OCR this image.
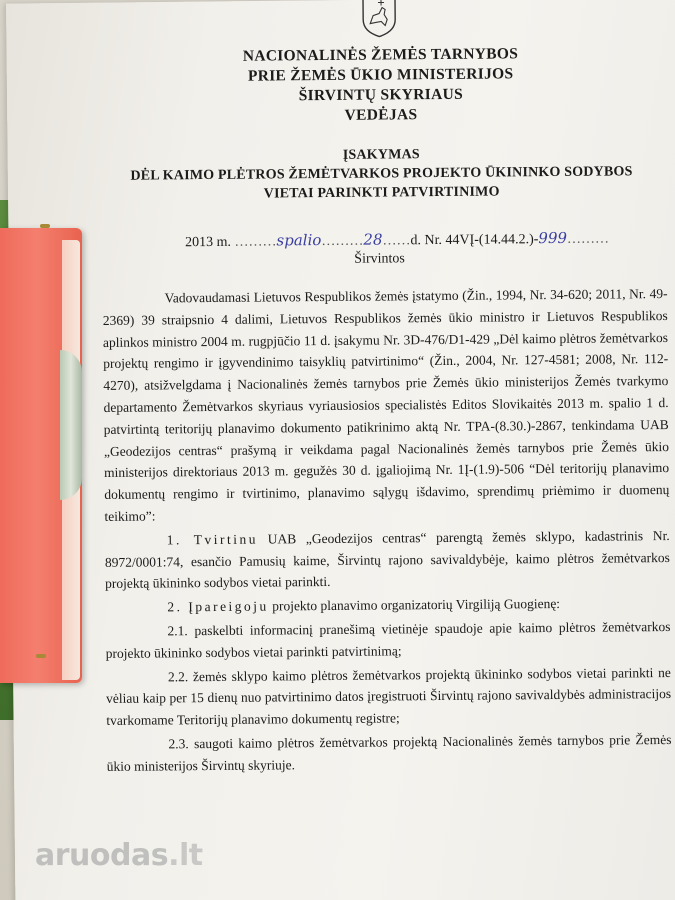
NACIONALINĖS ŽEMĖS TARNYBOS
PRIE ŽEMĖS ŪKIO MINISTERIJOS
ŠIRVINTŲ SKYRIAUS
VEDĖJAS
ĮSAKYMAS
DĖL KAIMO PLĖTROS ŽEMĖTVARKOS PROJEKTO ŪKININKO SODYBOS
VIETAI PARINKTI PATVIRTINIMO
2013 m. ………spalio………28……d. Nr. 44VĮ-(14.44.2.)-999………
Širvintos

Vadovaudamasi Lietuvos Respublikos žemės įstatymo (Žin., 1994, Nr. 34-620; 2011, Nr. 49-2369) 39 straipsnio 4 dalimi, Lietuvos Respublikos žemės ūkio ministro ir Lietuvos Respublikos aplinkos ministro 2004 m. rugpjūčio 11 d. įsakymu Nr. 3D-476/D1-429 „Dėl kaimo plėtros žemėtvarkos projektų rengimo ir įgyvendinimo taisyklių patvirtinimo“ (Žin., 2004, Nr. 127-4581; 2008, Nr. 112-4270), atsižvelgdama į Nacionalinės žemės tarnybos prie Žemės ūkio ministerijos Žemės tvarkymo departamento Žemėtvarkos skyriaus vyriausiosios specialistės Editos Slovikaitės 2013 m. spalio 1 d. patvirtintą teritorijų planavimo dokumento patikrinimo aktą Nr. TPA-(8.30.)-2867, tenkindama UAB „Geodezijos centras“ prašymą ir veikdama pagal Nacionalinės žemės tarnybos prie Žemės ūkio ministerijos direktoriaus 2013 m. gegužės 30 d. įgaliojimą Nr. 1Į-(1.9)-506 “Dėl teritorijų planavimo dokumentų rengimo ir tvirtinimo, planavimo sąlygų išdavimo, sprendimų priėmimo ir duomenų teikimo”:

1. Tvirtinu UAB „Geodezijos centras“ parengtą žemės sklypo, kadastrinis Nr. 8972/0001:74, esančio Pamusių kaime, Širvintų rajono savivaldybėje, kaimo plėtros žemėtvarkos projektą ūkininko sodybos vietai parinkti.

2. Įpareigoju projekto planavimo organizatorių Virgiliją Guogienę:

2.1. paskelbti informacinį pranešimą vietinėje spaudoje apie kaimo plėtros žemėtvarkos projekto ūkininko sodybos vietai parinkti patvirtinimą;

2.2. žemės sklypo kaimo plėtros žemėtvarkos projektą ūkininko sodybos vietai parinkti ne vėliau kaip per 15 dienų nuo patvirtinimo datos įregistruoti Širvintų rajono savivaldybės administracijos tvarkomame Teritorijų planavimo dokumentų registre;

2.3. saugoti kaimo plėtros žemėtvarkos projektą Nacionalinės žemės tarnybos prie Žemės ūkio ministerijos Širvintų skyriuje.

aruodas.lt
